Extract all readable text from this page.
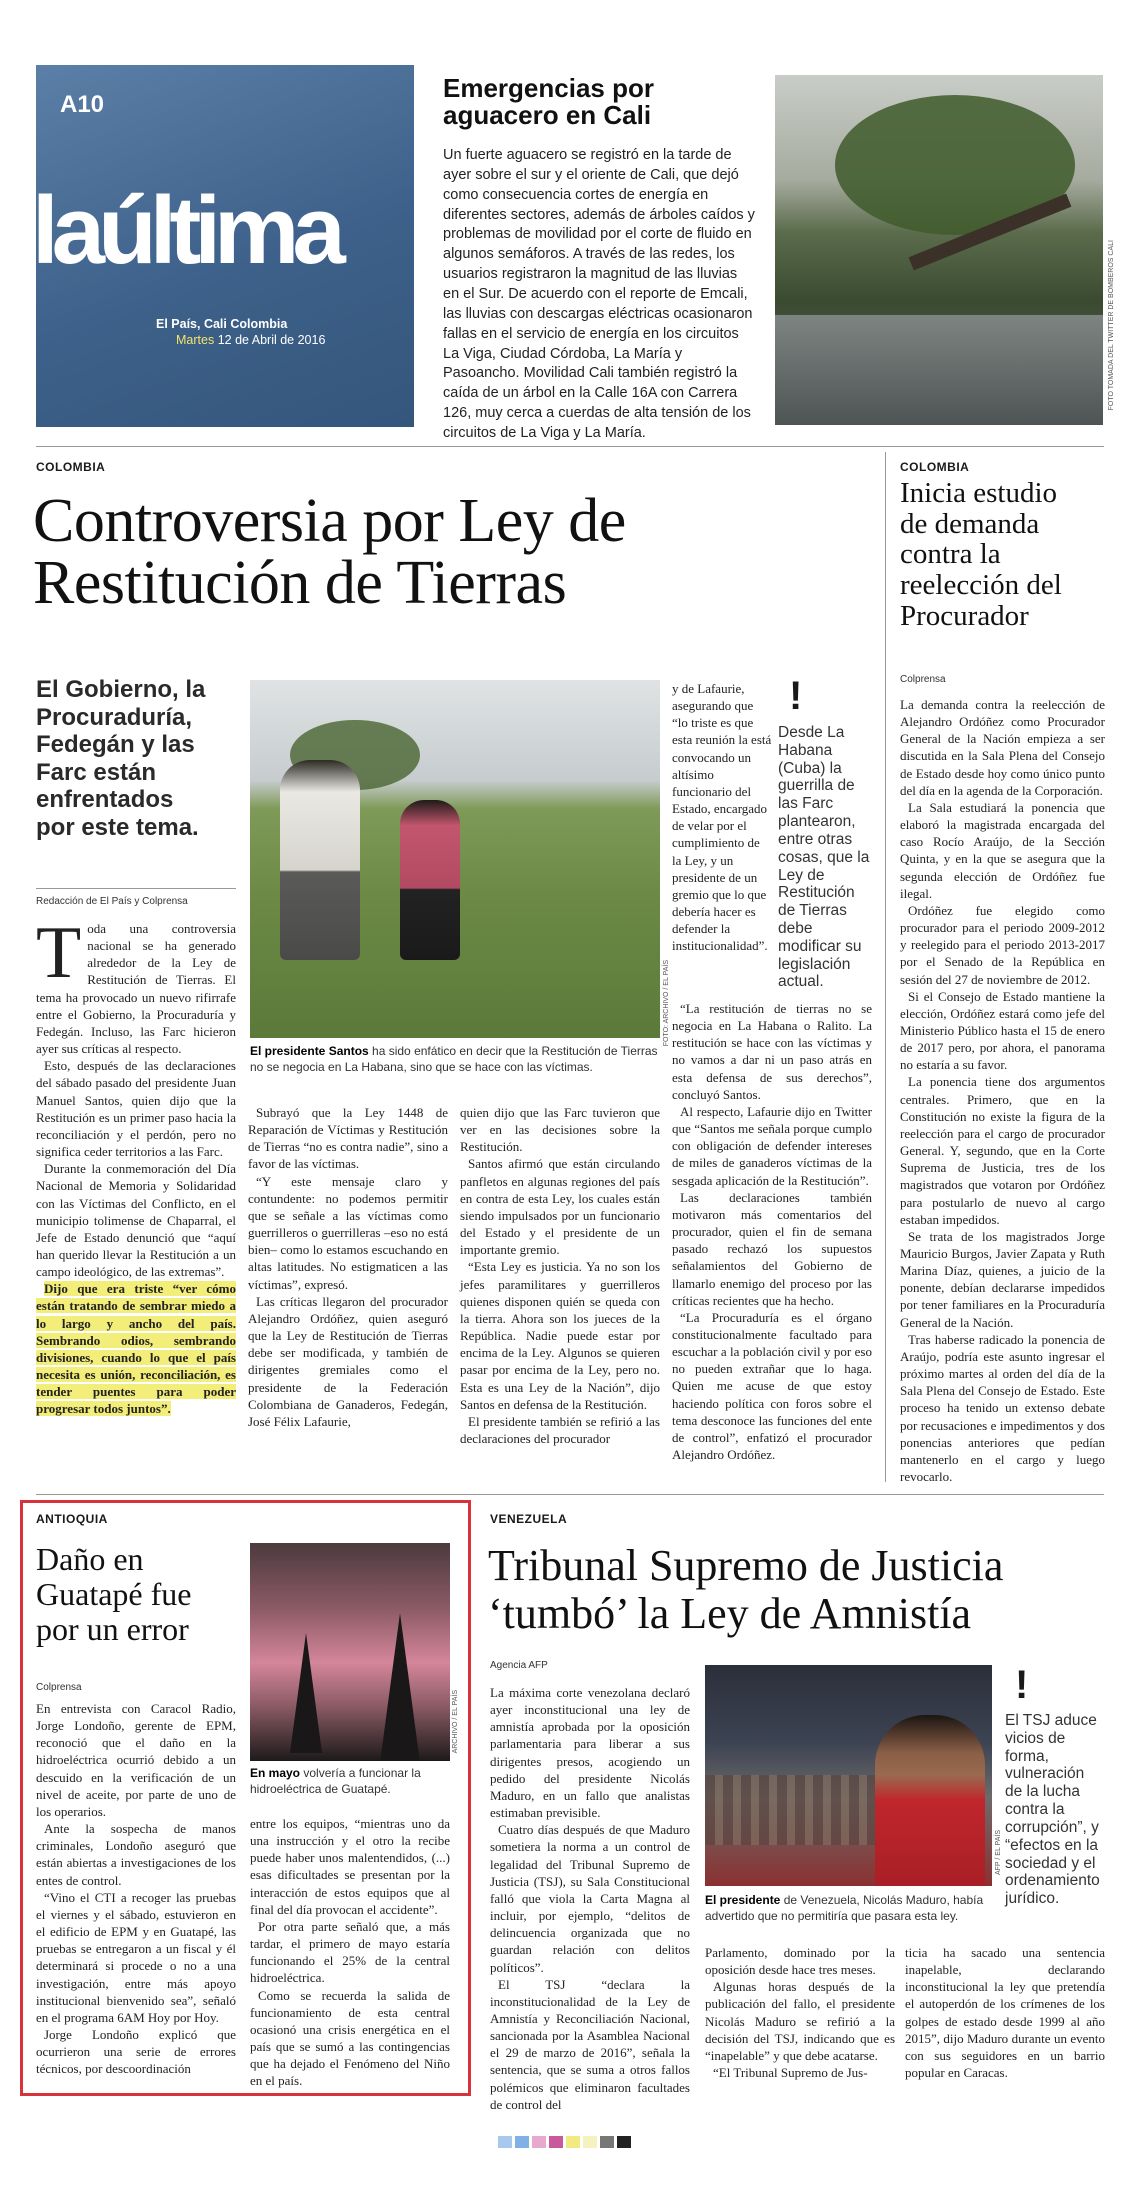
A10
laúltima
El País, Cali Colombia
Martes 12 de Abril de 2016
Emergencias por
aguacero en Cali
Un fuerte aguacero se registró en la tarde de ayer sobre el sur y el oriente de Cali, que dejó como consecuencia cortes de energía en diferentes sectores, además de árboles caídos y problemas de movilidad por el corte de fluido en algunos semáforos. A través de las redes, los usuarios registraron la magnitud de las lluvias en el Sur. De acuerdo con el reporte de Emcali, las lluvias con descargas eléctricas ocasionaron fallas en el servicio de energía en los circuitos La Viga, Ciudad Córdoba, La María y Pasoancho. Movilidad Cali también registró la caída de un árbol en la Calle 16A con Carrera 126, muy cerca a cuerdas de alta tensión de los circuitos de La Viga y La María.
FOTO TOMADA DEL TWITTER DE BOMBEROS CALI
COLOMBIA
Controversia por Ley de
Restitución de Tierras
El Gobierno, la
Procuraduría,
Fedegán y las
Farc están
enfrentados
por este tema.
Redacción de El País y Colprensa
T oda una controversia nacional se ha generado alrededor de la Ley de Restitución de Tierras. El tema ha provocado un nuevo rifirrafe entre el Gobierno, la Procuraduría y Fedegán. Incluso, las Farc hicieron ayer sus críticas al respecto.

Esto, después de las declaraciones del sábado pasado del presidente Juan Manuel Santos, quien dijo que la Restitución es un primer paso hacia la reconciliación y el perdón, pero no significa ceder territorios a las Farc.

Durante la conmemoración del Día Nacional de Memoria y Solidaridad con las Víctimas del Conflicto, en el municipio tolimense de Chaparral, el Jefe de Estado denunció que “aquí han querido llevar la Restitución a un campo ideológico, de las extremas”.

Dijo que era triste “ver cómo están tratando de sembrar miedo a lo largo y ancho del país. Sembrando odios, sembrando divisiones, cuando lo que el país necesita es unión, reconciliación, es tender puentes para poder progresar todos juntos”.

FOTO: ARCHIVO / EL PAÍS
El presidente Santos ha sido enfático en decir que la Restitución de Tierras no se negocia en La Habana, sino que se hace con las víctimas.

Subrayó que la Ley 1448 de Reparación de Víctimas y Restitución de Tierras “no es contra nadie”, sino a favor de las víctimas.

“Y este mensaje claro y contundente: no podemos permitir que se señale a las víctimas como guerrilleros o guerrilleras –eso no está bien– como lo estamos escuchando en altas latitudes. No estigmaticen a las víctimas”, expresó.

Las críticas llegaron del procurador Alejandro Ordóñez, quien aseguró que la Ley de Restitución de Tierras debe ser modificada, y también de dirigentes gremiales como el presidente de la Federación Colombiana de Ganaderos, Fedegán, José Félix Lafaurie,

quien dijo que las Farc tuvieron que ver en las decisiones sobre la Restitución.

Santos afirmó que están circulando panfletos en algunas regiones del país en contra de esta Ley, los cuales están siendo impulsados por un funcionario del Estado y el presidente de un importante gremio.

“Esta Ley es justicia. Ya no son los jefes paramilitares y guerrilleros quienes disponen quién se queda con la tierra. Ahora son los jueces de la República. Nadie puede estar por encima de la Ley. Algunos se quieren pasar por encima de la Ley, pero no. Esta es una Ley de la Nación”, dijo Santos en defensa de la Restitución.

El presidente también se refirió a las declaraciones del procurador

y de Lafaurie, asegurando que “lo triste es que esta reunión la está convocando un altísimo funcionario del Estado, encargado de velar por el cumplimiento de la Ley, y un presidente de un gremio que lo que debería hacer es defender la institucionalidad”.
!
Desde La Habana (Cuba) la guerrilla de las Farc plantearon, entre otras cosas, que la Ley de Restitución de Tierras debe modificar su legislación actual.

“La restitución de tierras no se negocia en La Habana o Ralito. La restitución se hace con las víctimas y no vamos a dar ni un paso atrás en esta defensa de sus derechos”, concluyó Santos.

Al respecto, Lafaurie dijo en Twitter que “Santos me señala porque cumplo con obligación de defender intereses de miles de ganaderos víctimas de la sesgada aplicación de la Restitución”.

Las declaraciones también motivaron más comentarios del procurador, quien el fin de semana pasado rechazó los supuestos señalamientos del Gobierno de llamarlo enemigo del proceso por las críticas recientes que ha hecho.

“La Procuraduría es el órgano constitucionalmente facultado para escuchar a la población civil y por eso no pueden extrañar que lo haga. Quien me acuse de que estoy haciendo política con foros sobre el tema desconoce las funciones del ente de control”, enfatizó el procurador Alejandro Ordóñez.

COLOMBIA
Inicia estudio
de demanda
contra la
reelección del
Procurador
Colprensa

La demanda contra la reelección de Alejandro Ordóñez como Procurador General de la Nación empieza a ser discutida en la Sala Plena del Consejo de Estado desde hoy como único punto del día en la agenda de la Corporación.

La Sala estudiará la ponencia que elaboró la magistrada encargada del caso Rocío Araújo, de la Sección Quinta, y en la que se asegura que la segunda elección de Ordóñez fue ilegal.

Ordóñez fue elegido como procurador para el periodo 2009-2012 y reelegido para el periodo 2013-2017 por el Senado de la República en sesión del 27 de noviembre de 2012.

Si el Consejo de Estado mantiene la elección, Ordóñez estará como jefe del Ministerio Público hasta el 15 de enero de 2017 pero, por ahora, el panorama no estaría a su favor.

La ponencia tiene dos argumentos centrales. Primero, que en la Constitución no existe la figura de la reelección para el cargo de procurador General. Y, segundo, que en la Corte Suprema de Justicia, tres de los magistrados que votaron por Ordóñez para postularlo de nuevo al cargo estaban impedidos.

Se trata de los magistrados Jorge Mauricio Burgos, Javier Zapata y Ruth Marina Díaz, quienes, a juicio de la ponente, debían declararse impedidos por tener familiares en la Procuraduría General de la Nación.

Tras haberse radicado la ponencia de Araújo, podría este asunto ingresar el próximo martes al orden del día de la Sala Plena del Consejo de Estado. Este proceso ha tenido un extenso debate por recusaciones e impedimentos y dos ponencias anteriores que pedían mantenerlo en el cargo y luego revocarlo.

ANTIOQUIA
Daño en
Guatapé fue
por un error
Colprensa

En entrevista con Caracol Radio, Jorge Londoño, gerente de EPM, reconoció que el daño en la hidroeléctrica ocurrió debido a un descuido en la verificación de un nivel de aceite, por parte de uno de los operarios.

Ante la sospecha de manos criminales, Londoño aseguró que están abiertas a investigaciones de los entes de control.

“Vino el CTI a recoger las pruebas el viernes y el sábado, estuvieron en el edificio de EPM y en Guatapé, las pruebas se entregaron a un fiscal y él determinará si procede o no a una investigación, entre más apoyo institucional bienvenido sea”, señaló en el programa 6AM Hoy por Hoy.

Jorge Londoño explicó que ocurrieron una serie de errores técnicos, por descoordinación

ARCHIVO / EL PAÍS
En mayo volvería a funcionar la hidroeléctrica de Guatapé.

entre los equipos, “mientras uno da una instrucción y el otro la recibe puede haber unos malentendidos, (...) esas dificultades se presentan por la interacción de estos equipos que al final del día provocan el accidente”.

Por otra parte señaló que, a más tardar, el primero de mayo estaría funcionando el 25% de la central hidroeléctrica.

Como se recuerda la salida de funcionamiento de esta central ocasionó una crisis energética en el país que se sumó a las contingencias que ha dejado el Fenómeno del Niño en el país.

VENEZUELA
Tribunal Supremo de Justicia
‘tumbó’ la Ley de Amnistía
Agencia AFP

La máxima corte venezolana declaró ayer inconstitucional una ley de amnistía aprobada por la oposición parlamentaria para liberar a sus dirigentes presos, acogiendo un pedido del presidente Nicolás Maduro, en un fallo que analistas estimaban previsible.

Cuatro días después de que Maduro sometiera la norma a un control de legalidad del Tribunal Supremo de Justicia (TSJ), su Sala Constitucional falló que viola la Carta Magna al incluir, por ejemplo, “delitos de delincuencia organizada que no guardan relación con delitos políticos”.

El TSJ “declara la inconstitucionalidad de la Ley de Amnistía y Reconciliación Nacional, sancionada por la Asamblea Nacional el 29 de marzo de 2016”, señala la sentencia, que se suma a otros fallos polémicos que eliminaron facultades de control del

AFP / EL PAÍS
!
El TSJ aduce vicios de forma, vulneración de la lucha contra la corrupción”, y “efectos en la sociedad y el ordenamiento jurídico.
El presidente de Venezuela, Nicolás Maduro, había advertido que no permitiría que pasara esta ley.

Parlamento, dominado por la oposición desde hace tres meses.

Algunas horas después de la publicación del fallo, el presidente Nicolás Maduro se refirió a la decisión del TSJ, indicando que es “inapelable” y que debe acatarse.

“El Tribunal Supremo de Jus-

ticia ha sacado una sentencia inapelable, declarando inconstitucional la ley que pretendía el autoperdón de los crímenes de los golpes de estado desde 1999 al año 2015”, dijo Maduro durante un evento con sus seguidores en un barrio popular en Caracas.
